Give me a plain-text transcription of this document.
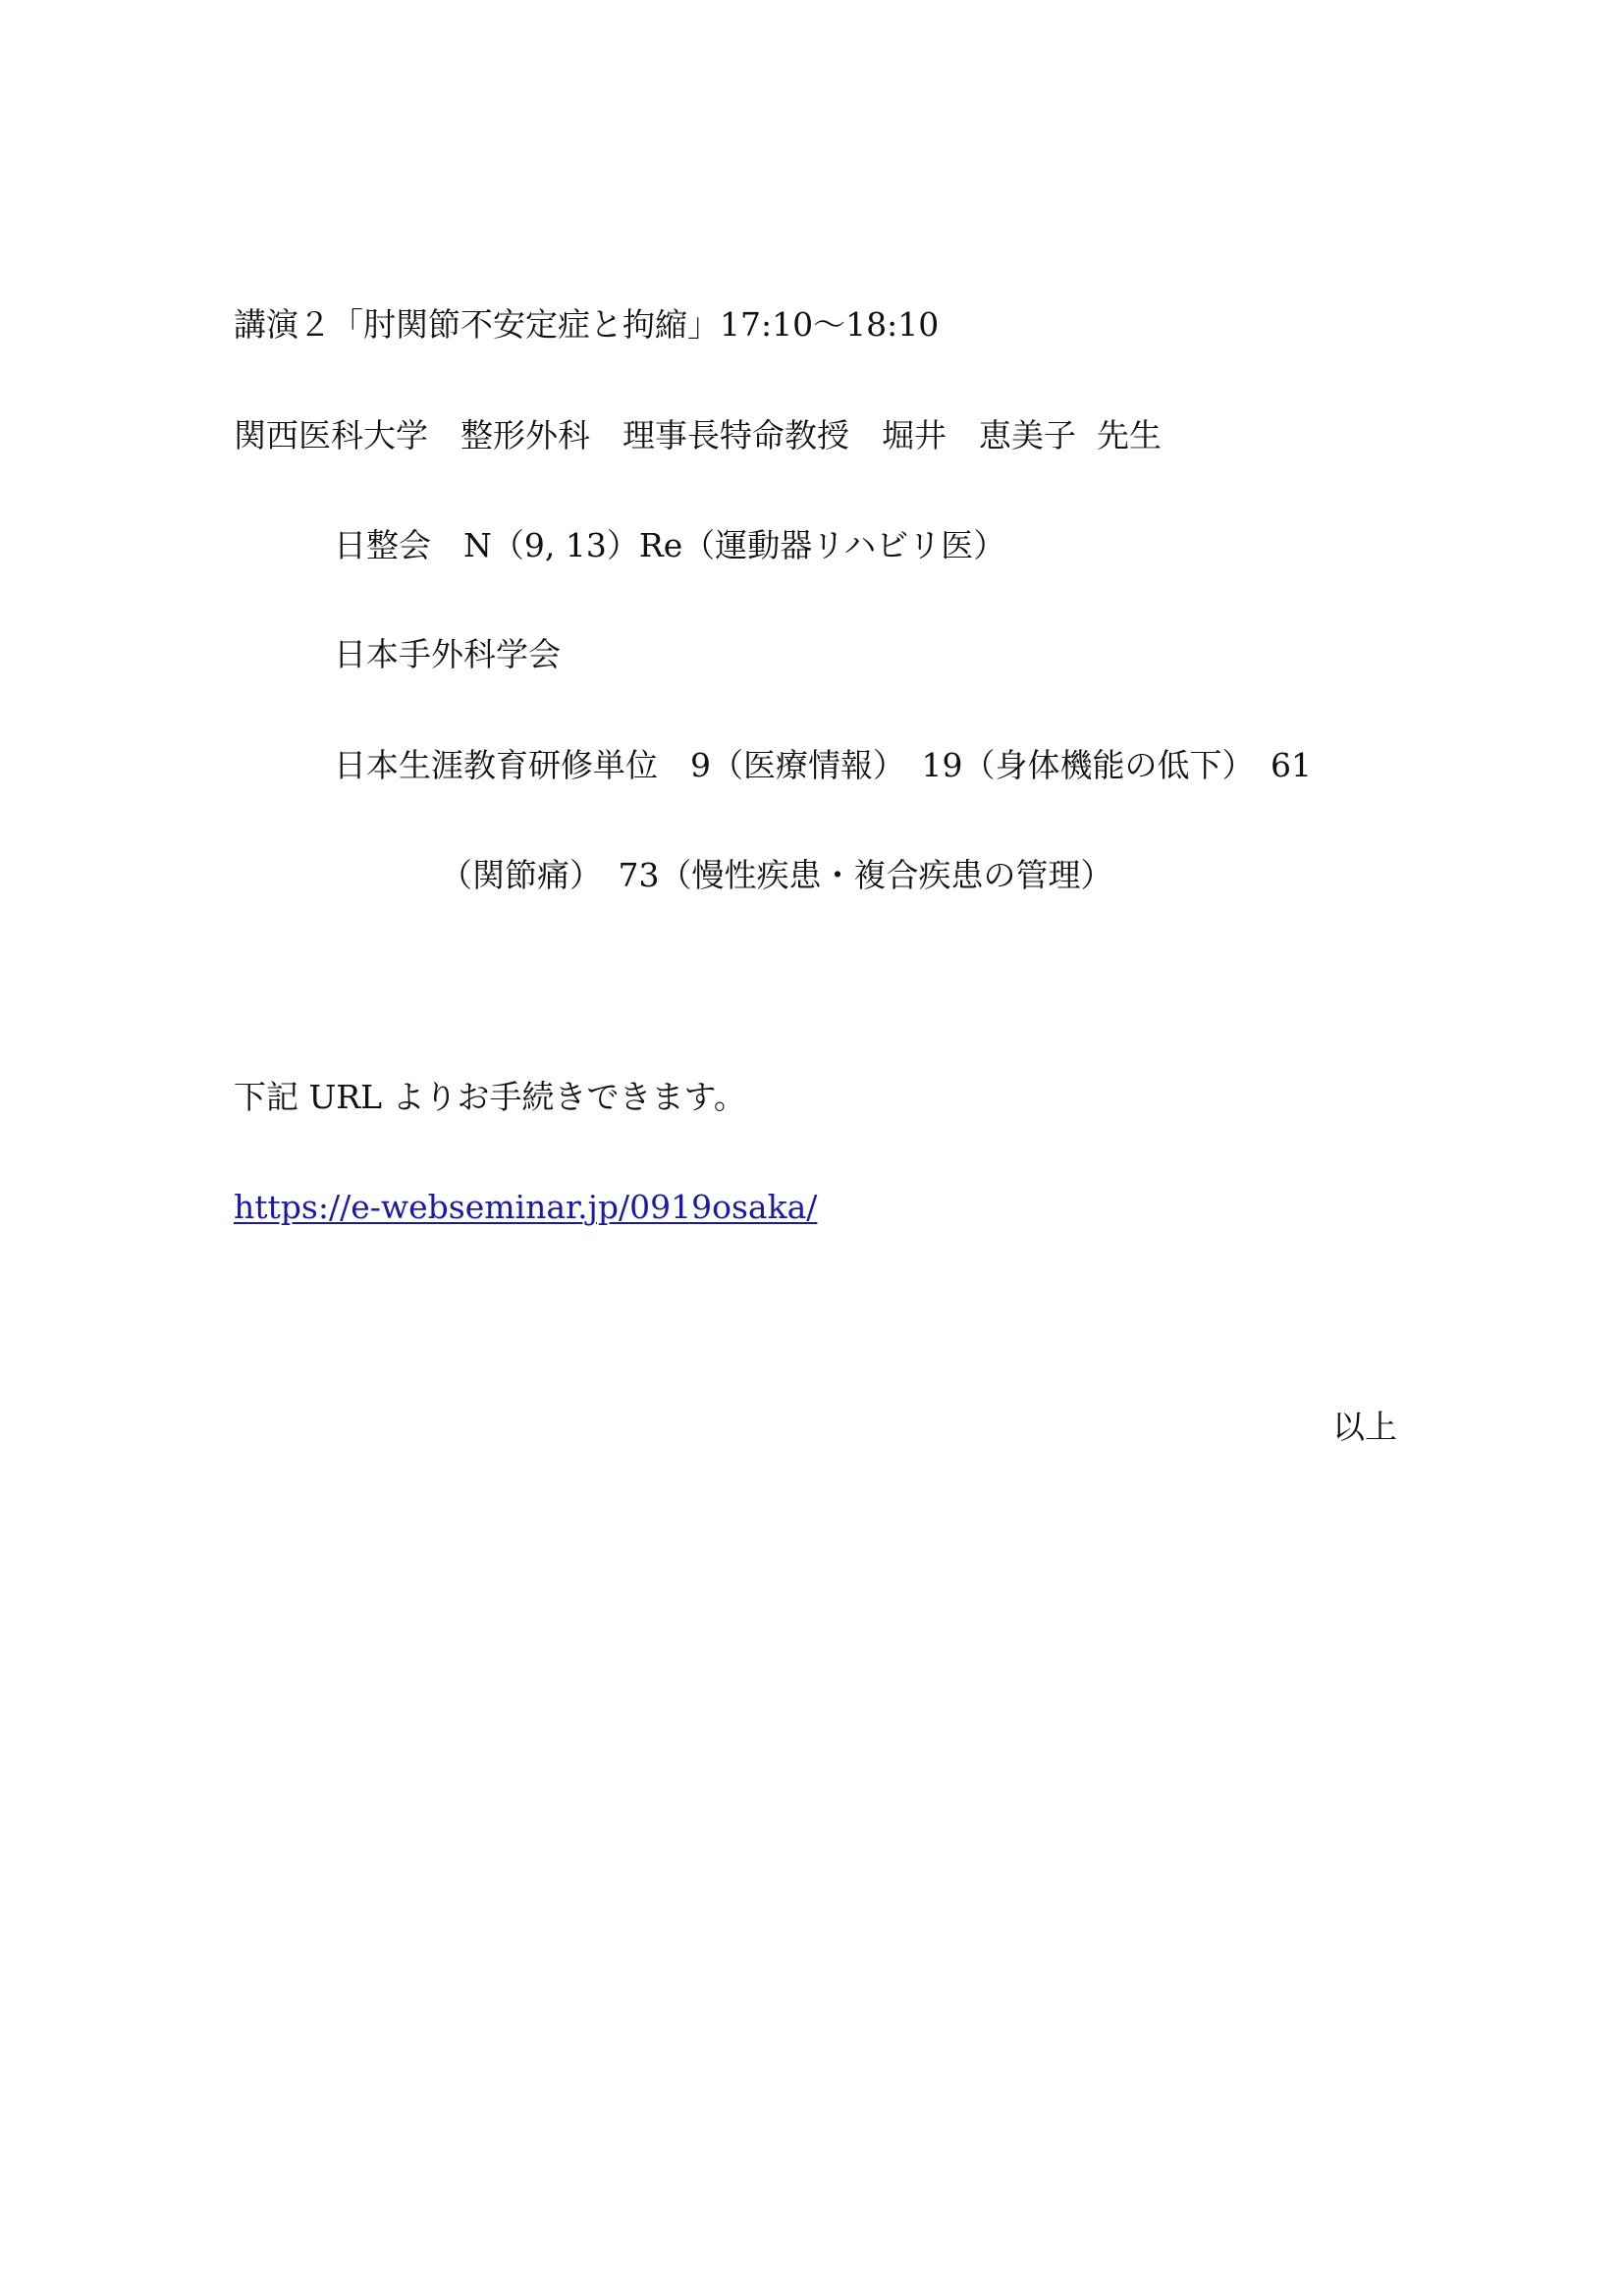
講演２「肘関節不安定症と拘縮」17:10～18:10
関西医科大学　整形外科　理事長特命教授　堀井　恵美子  先生
日整会　N（9, 13）Re（運動器リハビリ医）
日本手外科学会
日本生涯教育研修単位　9（医療情報）　19（身体機能の低下）　61
（関節痛）　73（慢性疾患・複合疾患の管理）
下記 URL よりお手続きできます。
https://e-webseminar.jp/0919osaka/
以上
